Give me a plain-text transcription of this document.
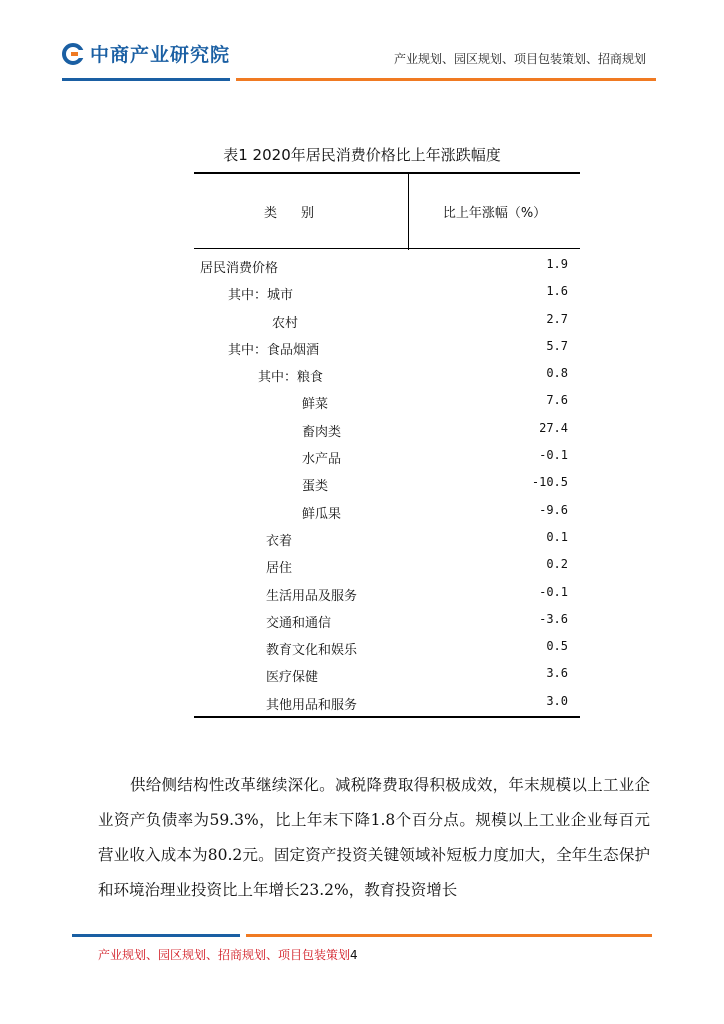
中商产业研究院	产业规划、园区规划、项目包装策划、招商规划
表1 2020年居民消费价格比上年涨跌幅度
类别	比上年涨幅（%）
居民消费价格	1.9
其中：城市	1.6
农村	2.7
其中：食品烟酒	5.7
其中：粮食	0.8
鲜菜	7.6
畜肉类	27.4
水产品	-0.1
蛋类	-10.5
鲜瓜果	-9.6
衣着	0.1
居住	0.2
生活用品及服务	-0.1
交通和通信	-3.6
教育文化和娱乐	0.5
医疗保健	3.6
其他用品和服务	3.0
供给侧结构性改革继续深化。减税降费取得积极成效，年末规模以上工业企业资产负债率为59.3%，比上年末下降1.8个百分点。规模以上工业企业每百元营业收入成本为80.2元。固定资产投资关键领域补短板力度加大，全年生态保护和环境治理业投资比上年增长23.2%，教育投资增长
产业规划、园区规划、招商规划、项目包装策划4
